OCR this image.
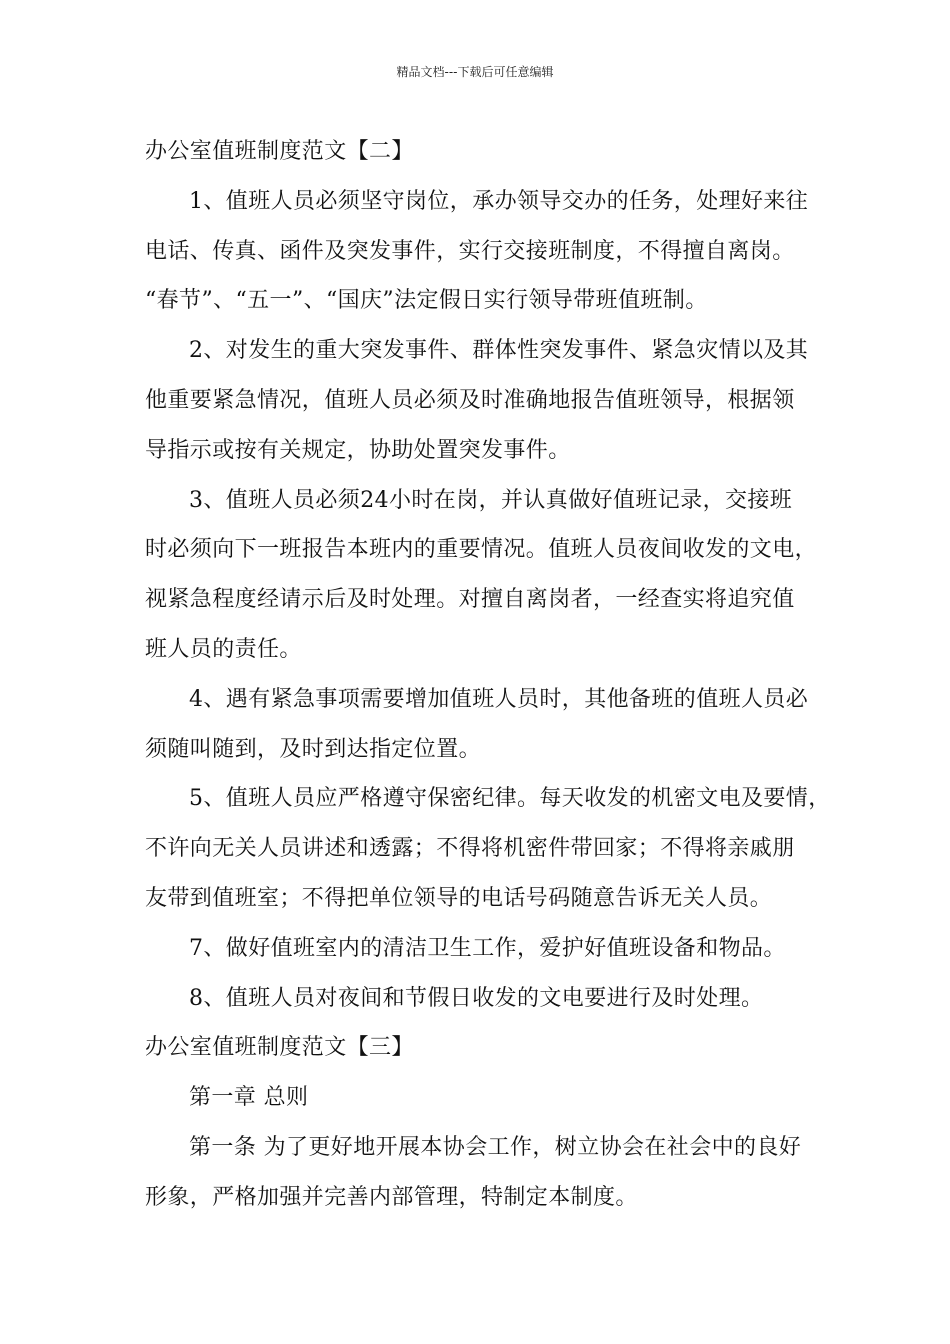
精品文档---下载后可任意编辑
办公室值班制度范文【二】
1、值班人员必须坚守岗位，承办领导交办的任务，处理好来往
电话、传真、函件及突发事件，实行交接班制度，不得擅自离岗。
“春节”、“五一”、“国庆”法定假日实行领导带班值班制。
2、对发生的重大突发事件、群体性突发事件、紧急灾情以及其
他重要紧急情况，值班人员必须及时准确地报告值班领导，根据领
导指示或按有关规定，协助处置突发事件。
3、值班人员必须24小时在岗，并认真做好值班记录，交接班
时必须向下一班报告本班内的重要情况。值班人员夜间收发的文电，
视紧急程度经请示后及时处理。对擅自离岗者，一经查实将追究值
班人员的责任。
4、遇有紧急事项需要增加值班人员时，其他备班的值班人员必
须随叫随到，及时到达指定位置。
5、值班人员应严格遵守保密纪律。每天收发的机密文电及要情，
不许向无关人员讲述和透露；不得将机密件带回家；不得将亲戚朋
友带到值班室；不得把单位领导的电话号码随意告诉无关人员。
7、做好值班室内的清洁卫生工作，爱护好值班设备和物品。
8、值班人员对夜间和节假日收发的文电要进行及时处理。
办公室值班制度范文【三】
第一章 总则
第一条 为了更好地开展本协会工作，树立协会在社会中的良好
形象，严格加强并完善内部管理，特制定本制度。
